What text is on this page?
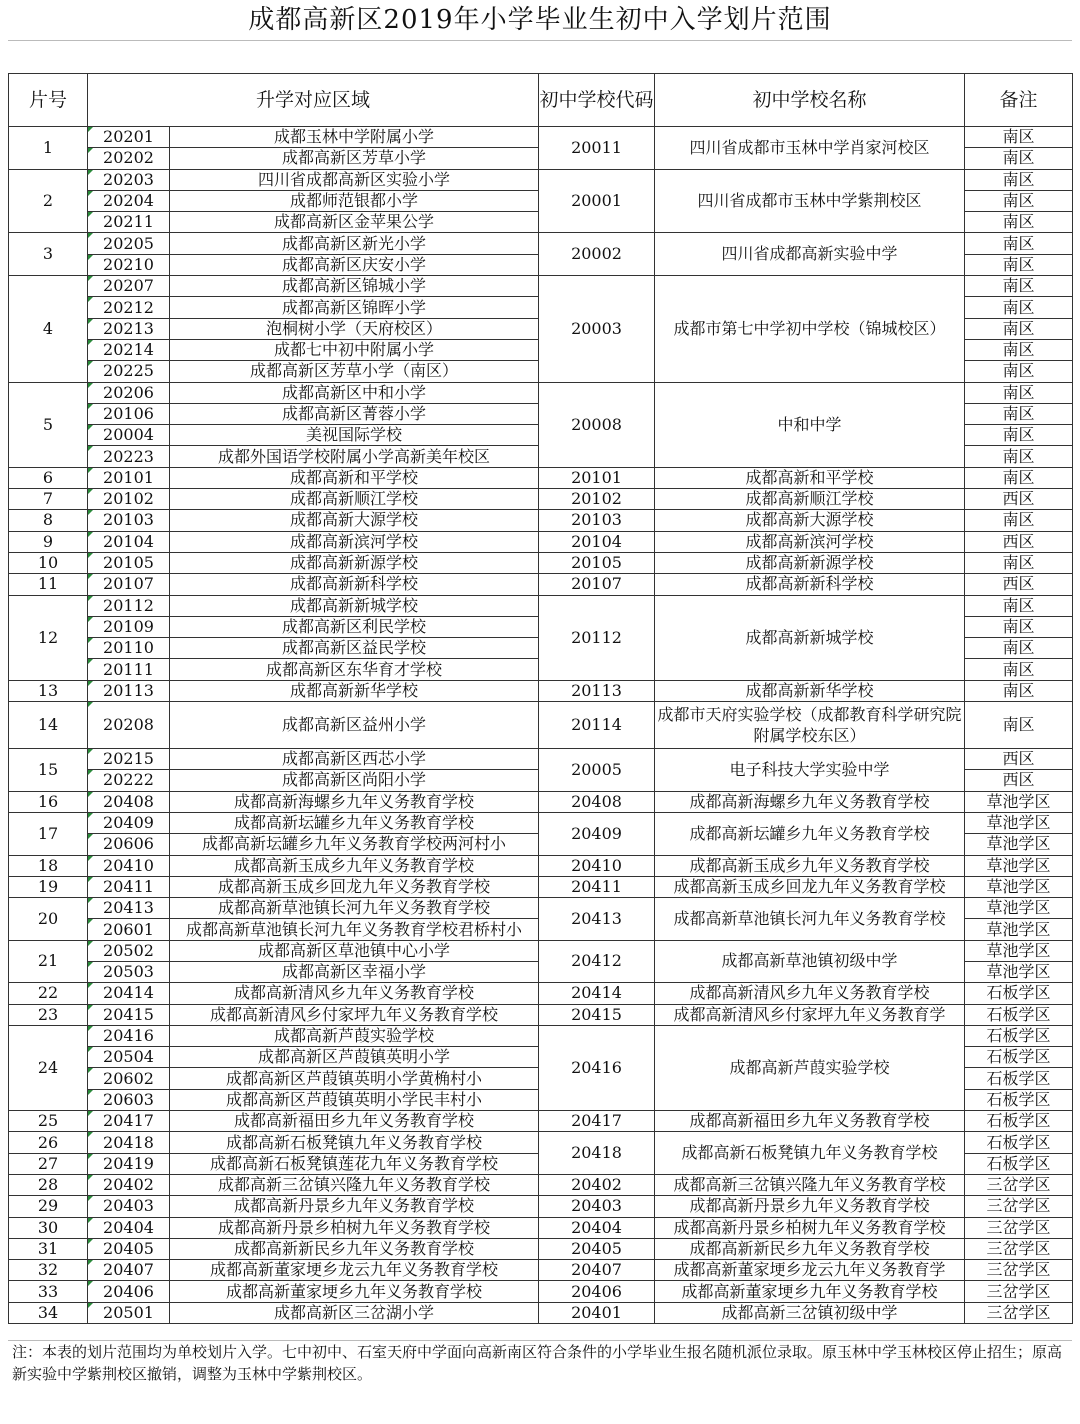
成都高新区2019年小学毕业生初中入学划片范围
片号	升学对应区域		初中学校代码	初中学校名称	备注
1	20201	成都玉林中学附属小学	20011	四川省成都市玉林中学肖家河校区	南区
	20202	成都高新区芳草小学			南区
2	20203	四川省成都高新区实验小学	20001	四川省成都市玉林中学紫荆校区	南区
	20204	成都师范银都小学			南区
	20211	成都高新区金苹果公学			南区
3	20205	成都高新区新光小学	20002	四川省成都高新实验中学	南区
	20210	成都高新区庆安小学			南区
4	20207	成都高新区锦城小学	20003	成都市第七中学初中学校（锦城校区）	南区
	20212	成都高新区锦晖小学			南区
	20213	泡桐树小学（天府校区）			南区
	20214	成都七中初中附属小学			南区
	20225	成都高新区芳草小学（南区）			南区
5	20206	成都高新区中和小学	20008	中和中学	南区
	20106	成都高新区菁蓉小学			南区
	20004	美视国际学校			南区
	20223	成都外国语学校附属小学高新美年校区			南区
6	20101	成都高新和平学校	20101	成都高新和平学校	南区
7	20102	成都高新顺江学校	20102	成都高新顺江学校	西区
8	20103	成都高新大源学校	20103	成都高新大源学校	南区
9	20104	成都高新滨河学校	20104	成都高新滨河学校	西区
10	20105	成都高新新源学校	20105	成都高新新源学校	南区
11	20107	成都高新新科学校	20107	成都高新新科学校	西区
12	20112	成都高新新城学校	20112	成都高新新城学校	南区
	20109	成都高新区利民学校			南区
	20110	成都高新区益民学校			南区
	20111	成都高新区东华育才学校			南区
13	20113	成都高新新华学校	20113	成都高新新华学校	南区
14	20208	成都高新区益州小学	20114	成都市天府实验学校（成都教育科学研究院附属学校东区）	南区
15	20215	成都高新区西芯小学	20005	电子科技大学实验中学	西区
	20222	成都高新区尚阳小学			西区
16	20408	成都高新海螺乡九年义务教育学校	20408	成都高新海螺乡九年义务教育学校	草池学区
17	20409	成都高新坛罐乡九年义务教育学校	20409	成都高新坛罐乡九年义务教育学校	草池学区
	20606	成都高新坛罐乡九年义务教育学校两河村小			草池学区
18	20410	成都高新玉成乡九年义务教育学校	20410	成都高新玉成乡九年义务教育学校	草池学区
19	20411	成都高新玉成乡回龙九年义务教育学校	20411	成都高新玉成乡回龙九年义务教育学校	草池学区
20	20413	成都高新草池镇长河九年义务教育学校	20413	成都高新草池镇长河九年义务教育学校	草池学区
	20601	成都高新草池镇长河九年义务教育学校君桥村小			草池学区
21	20502	成都高新区草池镇中心小学	20412	成都高新草池镇初级中学	草池学区
	20503	成都高新区幸福小学			草池学区
22	20414	成都高新清风乡九年义务教育学校	20414	成都高新清风乡九年义务教育学校	石板学区
23	20415	成都高新清风乡付家坪九年义务教育学校	20415	成都高新清风乡付家坪九年义务教育学	石板学区
24	20416	成都高新芦葭实验学校	20416	成都高新芦葭实验学校	石板学区
	20504	成都高新区芦葭镇英明小学			石板学区
	20602	成都高新区芦葭镇英明小学黄桷村小			石板学区
	20603	成都高新区芦葭镇英明小学民丰村小			石板学区
25	20417	成都高新福田乡九年义务教育学校	20417	成都高新福田乡九年义务教育学校	石板学区
26	20418	成都高新石板凳镇九年义务教育学校	20418	成都高新石板凳镇九年义务教育学校	石板学区
27	20419	成都高新石板凳镇莲花九年义务教育学校			石板学区
28	20402	成都高新三岔镇兴隆九年义务教育学校	20402	成都高新三岔镇兴隆九年义务教育学校	三岔学区
29	20403	成都高新丹景乡九年义务教育学校	20403	成都高新丹景乡九年义务教育学校	三岔学区
30	20404	成都高新丹景乡柏树九年义务教育学校	20404	成都高新丹景乡柏树九年义务教育学校	三岔学区
31	20405	成都高新新民乡九年义务教育学校	20405	成都高新新民乡九年义务教育学校	三岔学区
32	20407	成都高新董家埂乡龙云九年义务教育学校	20407	成都高新董家埂乡龙云九年义务教育学	三岔学区
33	20406	成都高新董家埂乡九年义务教育学校	20406	成都高新董家埂乡九年义务教育学校	三岔学区
34	20501	成都高新区三岔湖小学	20401	成都高新三岔镇初级中学	三岔学区
注：本表的划片范围均为单校划片入学。七中初中、石室天府中学面向高新南区符合条件的小学毕业生报名随机派位录取。原玉林中学玉林校区停止招生；原高新实验中学紫荆校区撤销，调整为玉林中学紫荆校区。
